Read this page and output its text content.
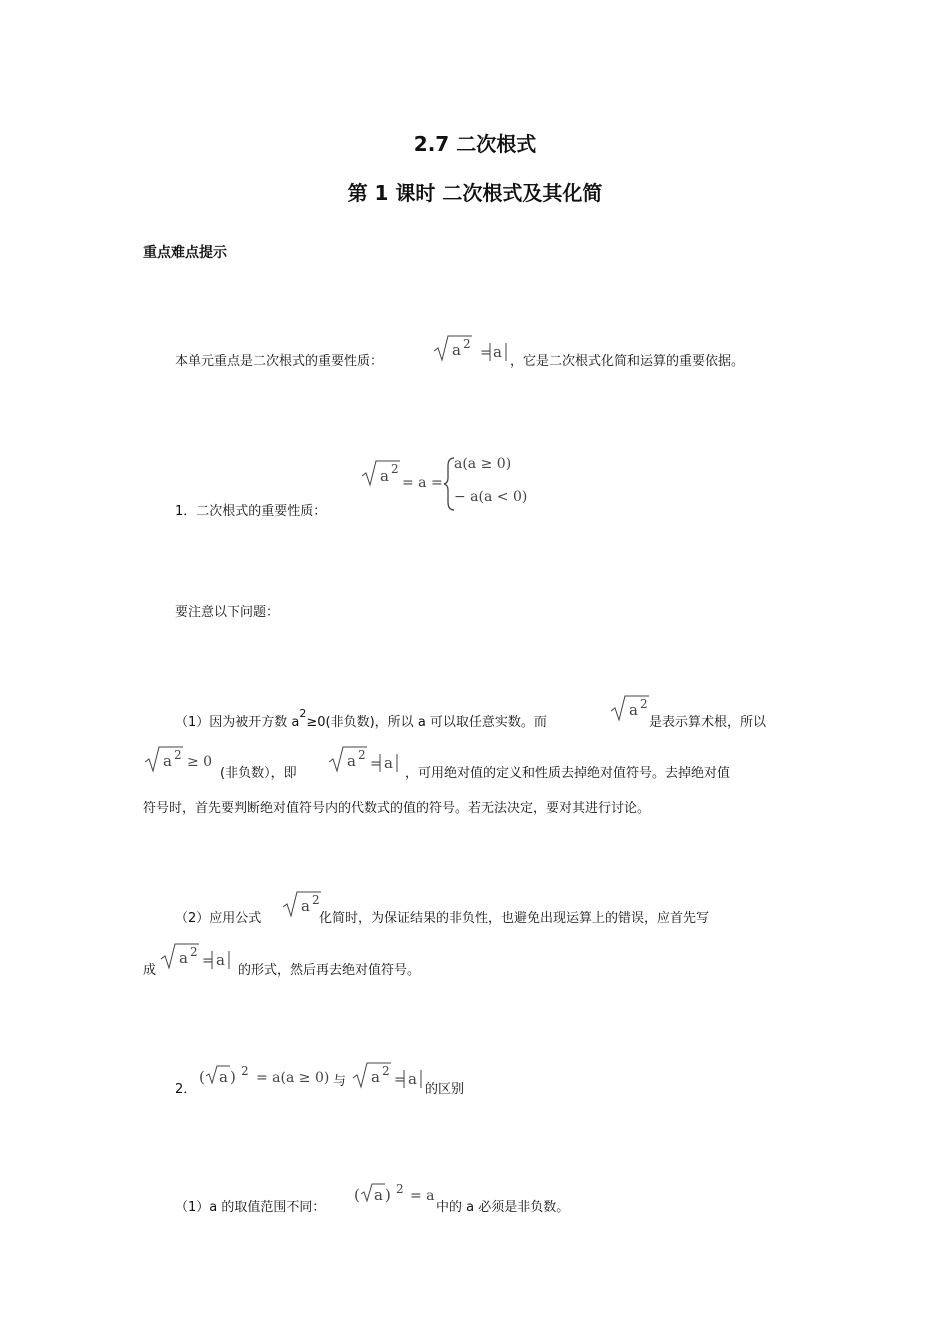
2.7 二次根式
第 1 课时 二次根式及其化简
重点难点提示
本单元重点是二次根式的重要性质：
a 2
= a
，它是二次根式化简和运算的重要依据。
1．二次根式的重要性质：
a 2
= a =
a(a ≥ 0)
− a(a < 0)
要注意以下问题：
（1）因为被开方数 $a^2\ge 0$(非负数)，所以 a 可以取任意实数。而
a 2
是表示算术根，所以
a 2 ≥ 0
(非负数），即
a 2
= a
，可用绝对值的定义和性质去掉绝对值符号。去掉绝对值
符号时，首先要判断绝对值符号内的代数式的值的符号。若无法决定，要对其进行讨论。
（2）应用公式
a 2
化简时，为保证结果的非负性，也避免出现运算上的错误，应首先写
成
a 2
= a
的形式，然后再去绝对值符号。
2．
( a ) 2 = a(a ≥ 0) 与 a 2
= a
的区别
（1）a 的取值范围不同：
( a ) 2 = a
中的 a 必须是非负数。
